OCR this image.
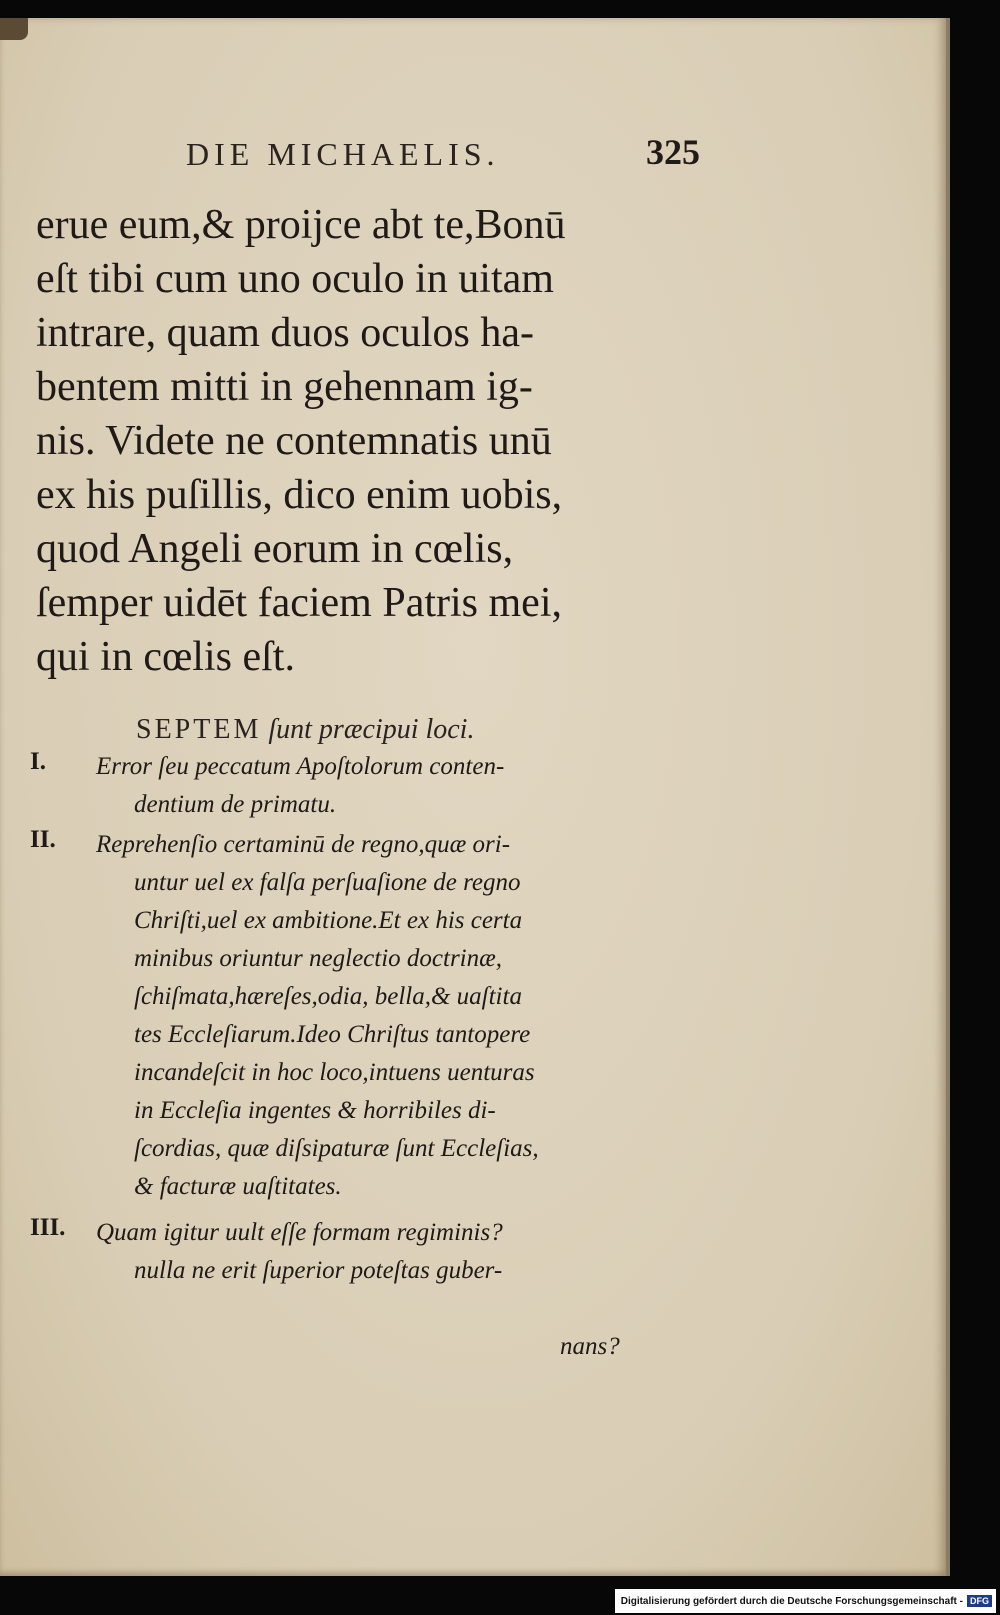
DIE MICHAELIS.	325
erue eum,& proijce abt te,Bonū
eſt tibi cum uno oculo in uitam
intrare, quam duos oculos ha-
bentem mitti in gehennam ig-
nis. Videte ne contemnatis unū
ex his puſillis, dico enim uobis,
quod Angeli eorum in cœlis,
ſemper uidēt faciem Patris mei,
qui in cœlis eſt.
SEPTEM ſunt præcipui loci.
I. Error ſeu peccatum Apoſtolorum conten-
dentium de primatu.
II. Reprehenſio certaminū de regno,quæ ori-
untur uel ex falſa perſuaſione de regno
Chriſti,uel ex ambitione.Et ex his certa
minibus oriuntur neglectio doctrinæ,
ſchiſmata,hæreſes,odia, bella,& uaſtita
tes Eccleſiarum.Ideo Chriſtus tantopere
incandeſcit in hoc loco,intuens uenturas
in Eccleſia ingentes & horribiles di-
ſcordias, quæ diſsipaturæ ſunt Eccleſias,
& facturæ uaſtitates.
III. Quam igitur uult eſſe formam regiminis?
nulla ne erit ſuperior poteſtas guber-
nans?
Digitalisierung gefördert durch die Deutsche Forschungsgemeinschaft - DFG
